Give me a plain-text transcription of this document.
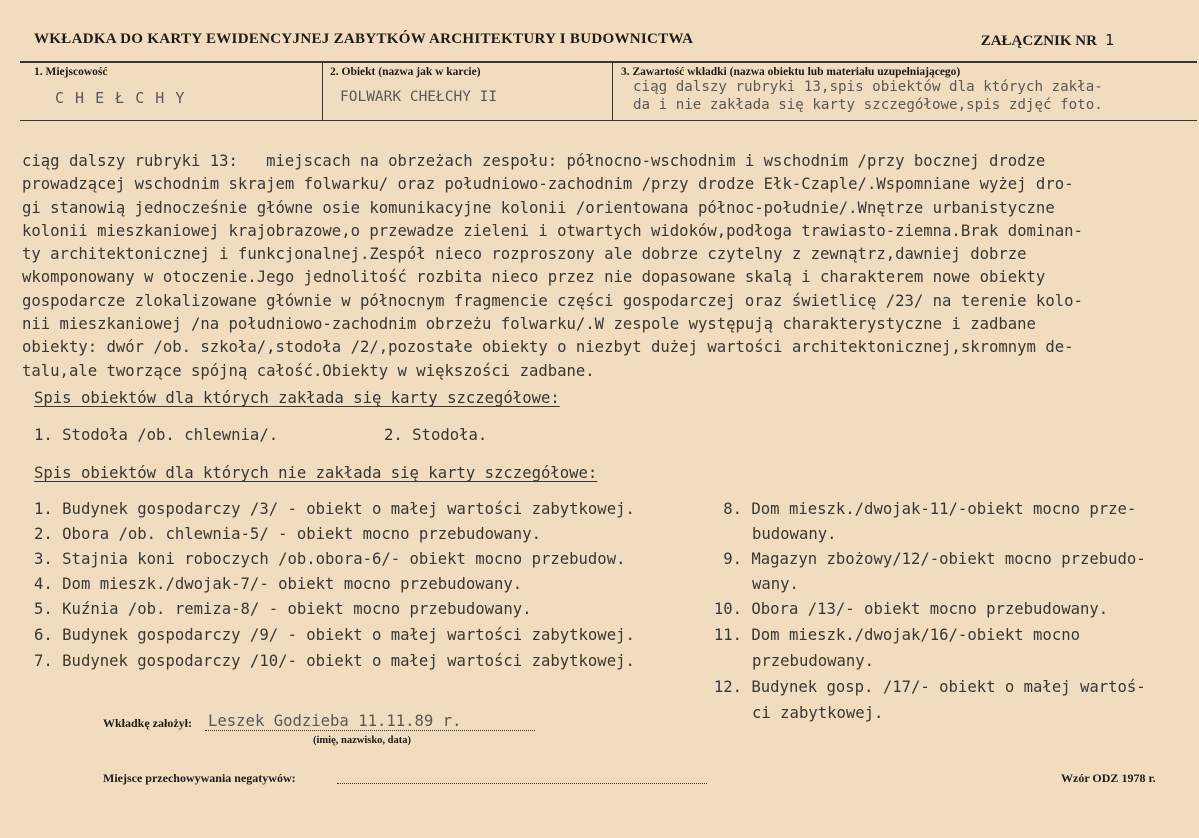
WKŁADKA DO KARTY EWIDENCYJNEJ ZABYTKÓW ARCHITEKTURY I BUDOWNICTWA	ZAŁĄCZNIK NR 1
1. Miejscowość
C H E Ł C H Y
2. Obiekt (nazwa jak w karcie)
FOLWARK CHEŁCHY II
3. Zawartość wkładki (nazwa obiektu lub materiału uzupełniającego)
ciąg dalszy rubryki 13,spis obiektów dla których zakła-
da i nie zakłada się karty szczegółowe,spis zdjęć foto.
ciąg dalszy rubryki 13:   miejscach na obrzeżach zespołu: północno-wschodnim i wschodnim /przy bocznej drodze
prowadzącej wschodnim skrajem folwarku/ oraz południowo-zachodnim /przy drodze Ełk-Czaple/.Wspomniane wyżej dro-
gi stanowią jednocześnie główne osie komunikacyjne kolonii /orientowana północ-południe/.Wnętrze urbanistyczne
kolonii mieszkaniowej krajobrazowe,o przewadze zieleni i otwartych widoków,podłoga trawiasto-ziemna.Brak dominan-
ty architektonicznej i funkcjonalnej.Zespół nieco rozproszony ale dobrze czytelny z zewnątrz,dawniej dobrze
wkomponowany w otoczenie.Jego jednolitość rozbita nieco przez nie dopasowane skalą i charakterem nowe obiekty
gospodarcze zlokalizowane głównie w północnym fragmencie części gospodarczej oraz świetlicę /23/ na terenie kolo-
nii mieszkaniowej /na południowo-zachodnim obrzeżu folwarku/.W zespole występują charakterystyczne i zadbane
obiekty: dwór /ob. szkoła/,stodoła /2/,pozostałe obiekty o niezbyt dużej wartości architektonicznej,skromnym de-
talu,ale tworzące spójną całość.Obiekty w większości zadbane.
Spis obiektów dla których zakłada się karty szczegółowe:
1. Stodoła /ob. chlewnia/.	2. Stodoła.
Spis obiektów dla których nie zakłada się karty szczegółowe:
1. Budynek gospodarczy /3/ - obiekt o małej wartości zabytkowej.
2. Obora /ob. chlewnia-5/ - obiekt mocno przebudowany.
3. Stajnia koni roboczych /ob.obora-6/- obiekt mocno przebudow.
4. Dom mieszk./dwojak-7/- obiekt mocno przebudowany.
5. Kuźnia /ob. remiza-8/ - obiekt mocno przebudowany.
6. Budynek gospodarczy /9/ - obiekt o małej wartości zabytkowej.
7. Budynek gospodarczy /10/- obiekt o małej wartości zabytkowej.
8. Dom mieszk./dwojak-11/-obiekt mocno prze-
budowany.
9. Magazyn zbożowy/12/-obiekt mocno przebudo-
wany.
10. Obora /13/- obiekt mocno przebudowany.
11. Dom mieszk./dwojak/16/-obiekt mocno
przebudowany.
12. Budynek gosp. /17/- obiekt o małej wartoś-
ci zabytkowej.
Wkładkę założył: Leszek Godzieba 11.11.89 r.
(imię, nazwisko, data)
Miejsce przechowywania negatywów:	Wzór ODZ 1978 r.
